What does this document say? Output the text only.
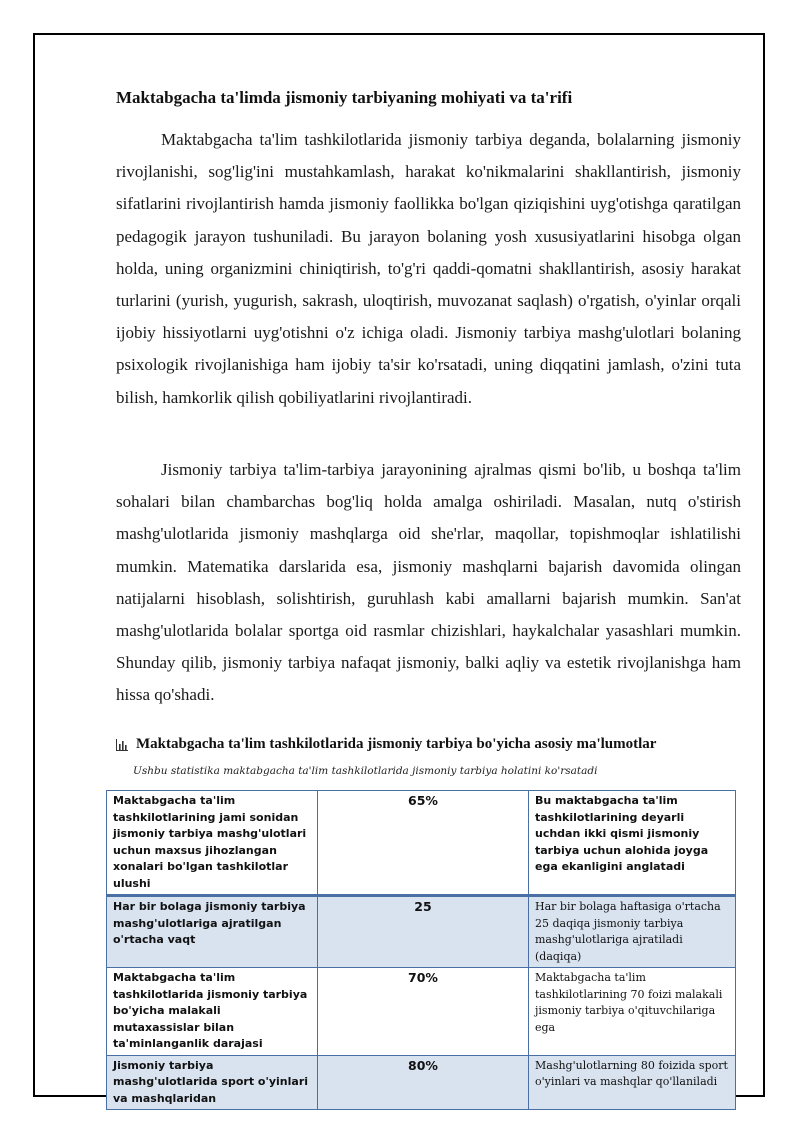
Maktabgacha ta'limda jismoniy tarbiyaning mohiyati va ta'rifi

Maktabgacha ta'lim tashkilotlarida jismoniy tarbiya deganda, bolalarning jismoniy rivojlanishi, sog'lig'ini mustahkamlash, harakat ko'nikmalarini shakllantirish, jismoniy sifatlarini rivojlantirish hamda jismoniy faollikka bo'lgan qiziqishini uyg'otishga qaratilgan pedagogik jarayon tushuniladi. Bu jarayon bolaning yosh xususiyatlarini hisobga olgan holda, uning organizmini chiniqtirish, to'g'ri qaddi-qomatni shakllantirish, asosiy harakat turlarini (yurish, yugurish, sakrash, uloqtirish, muvozanat saqlash) o'rgatish, o'yinlar orqali ijobiy hissiyotlarni uyg'otishni o'z ichiga oladi. Jismoniy tarbiya mashg'ulotlari bolaning psixologik rivojlanishiga ham ijobiy ta'sir ko'rsatadi, uning diqqatini jamlash, o'zini tuta bilish, hamkorlik qilish qobiliyatlarini rivojlantiradi.

Jismoniy tarbiya ta'lim-tarbiya jarayonining ajralmas qismi bo'lib, u boshqa ta'lim sohalari bilan chambarchas bog'liq holda amalga oshiriladi. Masalan, nutq o'stirish mashg'ulotlarida jismoniy mashqlarga oid she'rlar, maqollar, topishmoqlar ishlatilishi mumkin. Matematika darslarida esa, jismoniy mashqlarni bajarish davomida olingan natijalarni hisoblash, solishtirish, guruhlash kabi amallarni bajarish mumkin. San'at mashg'ulotlarida bolalar sportga oid rasmlar chizishlari, haykalchalar yasashlari mumkin. Shunday qilib, jismoniy tarbiya nafaqat jismoniy, balki aqliy va estetik rivojlanishga ham hissa qo'shadi.

Maktabgacha ta'lim tashkilotlarida jismoniy tarbiya bo'yicha asosiy ma'lumotlar

Ushbu statistika maktabgacha ta'lim tashkilotlarida jismoniy tarbiya holatini ko'rsatadi

Maktabgacha ta'lim tashkilotlarining jami sonidan jismoniy tarbiya mashg'ulotlari uchun maxsus jihozlangan xonalari bo'lgan tashkilotlar ulushi	65%	Bu maktabgacha ta'lim tashkilotlarining deyarli uchdan ikki qismi jismoniy tarbiya uchun alohida joyga ega ekanligini anglatadi
Har bir bolaga jismoniy tarbiya mashg'ulotlariga ajratilgan o'rtacha vaqt	25	Har bir bolaga haftasiga o'rtacha 25 daqiqa jismoniy tarbiya mashg'ulotlariga ajratiladi (daqiqa)
Maktabgacha ta'lim tashkilotlarida jismoniy tarbiya bo'yicha malakali mutaxassislar bilan ta'minlanganlik darajasi	70%	Maktabgacha ta'lim tashkilotlarining 70 foizi malakali jismoniy tarbiya o'qituvchilariga ega
Jismoniy tarbiya mashg'ulotlarida sport o'yinlari va mashqlaridan	80%	Mashg'ulotlarning 80 foizida sport o'yinlari va mashqlar qo'llaniladi
